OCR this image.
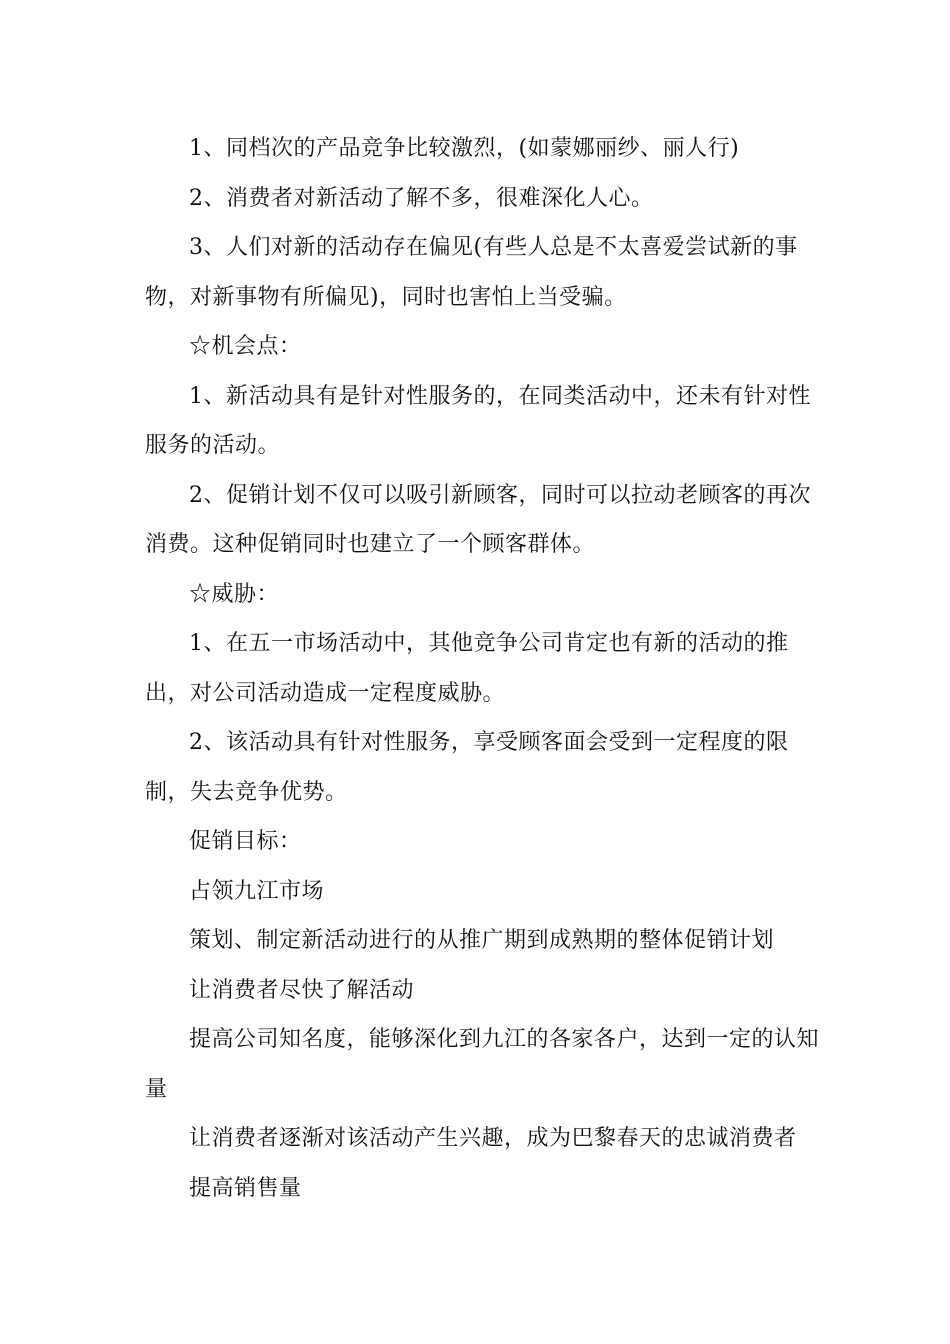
1、同档次的产品竞争比较激烈，(如蒙娜丽纱、丽人行)

2、消费者对新活动了解不多，很难深化人心。

3、人们对新的活动存在偏见(有些人总是不太喜爱尝试新的事物，对新事物有所偏见)，同时也害怕上当受骗。

☆机会点：

1、新活动具有是针对性服务的，在同类活动中，还未有针对性服务的活动。

2、促销计划不仅可以吸引新顾客，同时可以拉动老顾客的再次消费。这种促销同时也建立了一个顾客群体。

☆威胁：

1、在五一市场活动中，其他竞争公司肯定也有新的活动的推出，对公司活动造成一定程度威胁。

2、该活动具有针对性服务，享受顾客面会受到一定程度的限制，失去竞争优势。

促销目标：

占领九江市场

策划、制定新活动进行的从推广期到成熟期的整体促销计划

让消费者尽快了解活动

提高公司知名度，能够深化到九江的各家各户，达到一定的认知量

让消费者逐渐对该活动产生兴趣，成为巴黎春天的忠诚消费者

提高销售量
